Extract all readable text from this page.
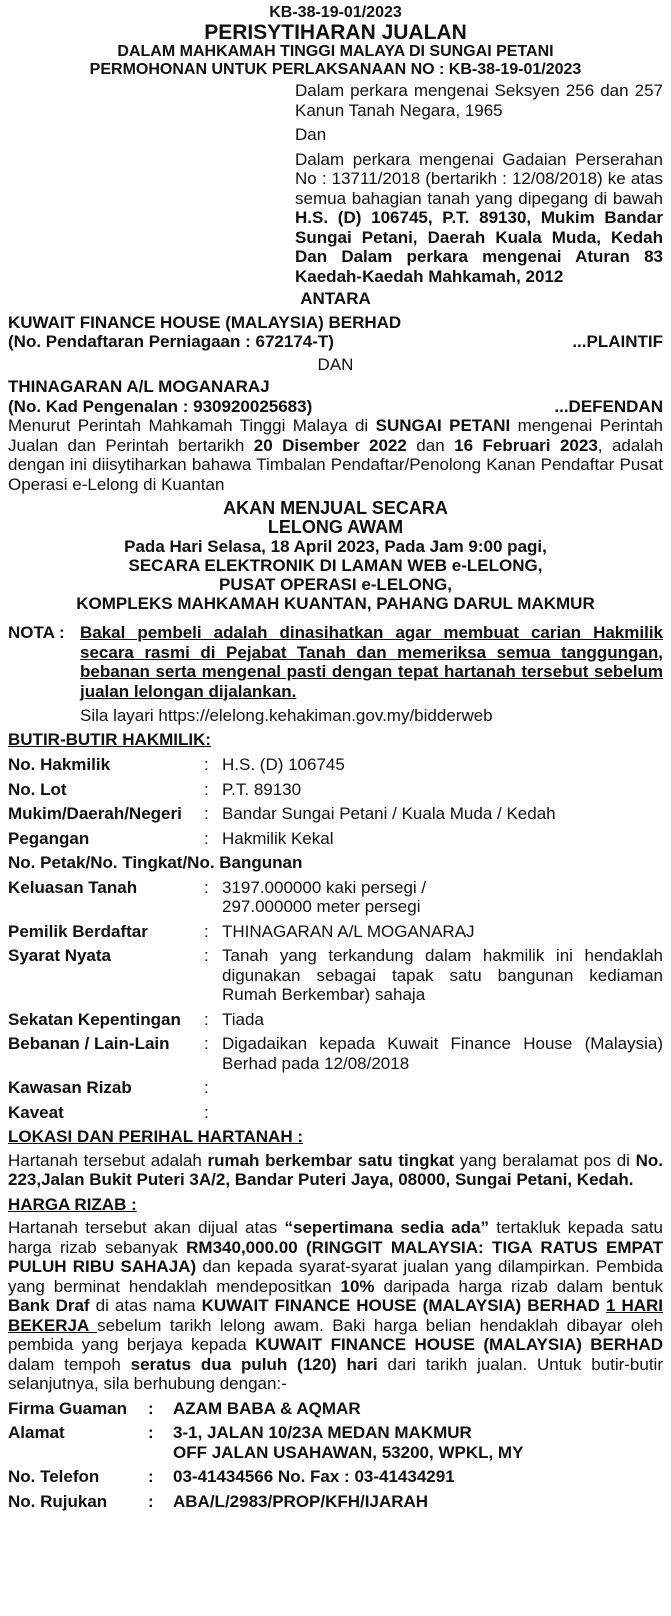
KB-38-19-01/2023
PERISYTIHARAN JUALAN
DALAM MAHKAMAH TINGGI MALAYA DI SUNGAI PETANI
PERMOHONAN UNTUK PERLAKSANAAN NO : KB-38-19-01/2023

Dalam perkara mengenai Seksyen 256 dan 257 Kanun Tanah Negara, 1965

Dan

Dalam perkara mengenai Gadaian Perserahan No : 13711/2018 (bertarikh : 12/08/2018) ke atas semua bahagian tanah yang dipegang di bawah H.S. (D) 106745, P.T. 89130, Mukim Bandar Sungai Petani, Daerah Kuala Muda, Kedah Dan Dalam perkara mengenai Aturan 83 Kaedah-Kaedah Mahkamah, 2012

ANTARA
KUWAIT FINANCE HOUSE (MALAYSIA) BERHAD
(No. Pendaftaran Perniagaan : 672174-T)	...PLAINTIF
DAN
THINAGARAN A/L MOGANARAJ
(No. Kad Pengenalan : 930920025683)	...DEFENDAN

Menurut Perintah Mahkamah Tinggi Malaya di SUNGAI PETANI mengenai Perintah Jualan dan Perintah bertarikh 20 Disember 2022 dan 16 Februari 2023, adalah dengan ini diisytiharkan bahawa Timbalan Pendaftar/Penolong Kanan Pendaftar Pusat Operasi e-Lelong di Kuantan

AKAN MENJUAL SECARA
LELONG AWAM
Pada Hari Selasa, 18 April 2023, Pada Jam 9:00 pagi,
SECARA ELEKTRONIK DI LAMAN WEB e-LELONG,
PUSAT OPERASI e-LELONG,
KOMPLEKS MAHKAMAH KUANTAN, PAHANG DARUL MAKMUR
NOTA : Bakal pembeli adalah dinasihatkan agar membuat carian Hakmilik secara rasmi di Pejabat Tanah dan memeriksa semua tanggungan, bebanan serta mengenal pasti dengan tepat hartanah tersebut sebelum jualan lelongan dijalankan.

Sila layari https://elelong.kehakiman.gov.my/bidderweb

BUTIR-BUTIR HAKMILIK:
No. Hakmilik	:	H.S. (D) 106745
No. Lot	:	P.T. 89130
Mukim/Daerah/Negeri	:	Bandar Sungai Petani / Kuala Muda / Kedah
Pegangan	:	Hakmilik Kekal
No. Petak/No. Tingkat/No. Bangunan		
Keluasan Tanah	:	3197.000000 kaki persegi /
297.000000 meter persegi

Pemilik Berdaftar	:	THINAGARAN A/L MOGANARAJ
Syarat Nyata	:	Tanah yang terkandung dalam hakmilik ini hendaklah digunakan sebagai tapak satu bangunan kediaman Rumah Berkembar) sahaja
Sekatan Kepentingan	:	Tiada
Bebanan / Lain-Lain	:	Digadaikan kepada Kuwait Finance House (Malaysia) Berhad pada 12/08/2018
Kawasan Rizab	:	
Kaveat	:	
LOKASI DAN PERIHAL HARTANAH :

Hartanah tersebut adalah rumah berkembar satu tingkat yang beralamat pos di No. 223,Jalan Bukit Puteri 3A/2, Bandar Puteri Jaya, 08000, Sungai Petani, Kedah.

HARGA RIZAB :

Hartanah tersebut akan dijual atas “sepertimana sedia ada” tertakluk kepada satu harga rizab sebanyak RM340,000.00 (RINGGIT MALAYSIA: TIGA RATUS EMPAT PULUH RIBU SAHAJA) dan kepada syarat-syarat jualan yang dilampirkan. Pembida yang berminat hendaklah mendepositkan 10% daripada harga rizab dalam bentuk Bank Draf di atas nama KUWAIT FINANCE HOUSE (MALAYSIA) BERHAD 1 HARI BEKERJA sebelum tarikh lelong awam. Baki harga belian hendaklah dibayar oleh pembida yang berjaya kepada KUWAIT FINANCE HOUSE (MALAYSIA) BERHAD dalam tempoh seratus dua puluh (120) hari dari tarikh jualan. Untuk butir-butir selanjutnya, sila berhubung dengan:-

Firma Guaman	:	AZAM BABA & AQMAR
Alamat	:	3-1, JALAN 10/23A MEDAN MAKMUR
OFF JALAN USAHAWAN, 53200, WPKL, MY

No. Telefon	:	03-41434566 No. Fax : 03-41434291
No. Rujukan	:	ABA/L/2983/PROP/KFH/IJARAH
